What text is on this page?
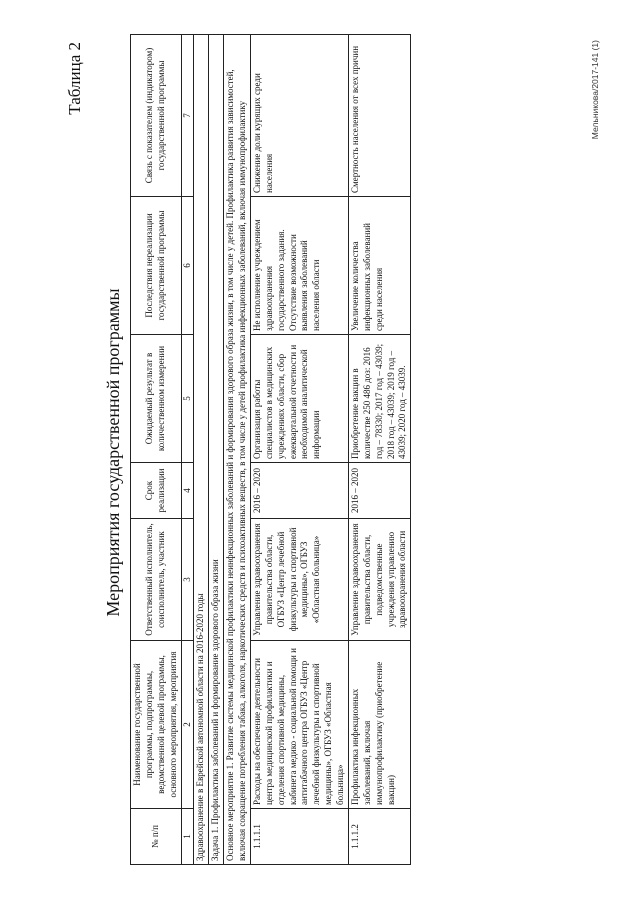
Таблица 2
Мероприятия государственной программы
№ п/п	Наименование государственной программы, подпрограммы, ведомственной целевой программы, основного мероприятия, мероприятия	Ответственный исполнитель, соисполнитель, участник	Срок реализации	Ожидаемый результат в количественном измерении	Последствия нереализации государственной программы	Связь с показателем (индикатором) государственной программы
1	2	3	4	5	6	7
Здравоохранение в Еврейской автономной области на 2016-2020 годы						
Задача 1. Профилактика заболеваний и формирование здорового образа жизни						
Основное мероприятие 1. Развитие системы медицинской профилактики неинфекционных заболеваний и формирования здорового образа жизни, в том числе у детей. Профилактика развития зависимостей, включая сокращение потребления табака, алкоголя, наркотических средств и психоактивных веществ, в том числе у детей профилактика инфекционных заболеваний, включая иммунопрофилактику						
1.1.1.1	Расходы на обеспечение деятельности центра медицинской профилактики и отделения спортивной медицины, кабинета медико - социальной помощи и антитабачного центра ОГБУЗ «Центр лечебной физкультуры и спортивной медицины», ОГБУЗ «Областная больница»	Управление здравоохранения правительства области, ОГБУЗ «Центр лечебной физкультуры и спортивной медицины», ОГБУЗ «Областная больница»	2016 – 2020	Организация работы специалистов в медицинских учреждениях области, сбор ежеквартальной отчетности и необходимой аналитической информации	Не исполнение учреждением здравоохранения государственного задания. Отсутствие возможности выявления заболеваний населения области	Снижение доли курящих среди населения
1.1.1.2	Профилактика инфекционных заболеваний, включая иммунопрофилактику (приобретение вакцин)	Управление здравоохранения правительства области, подведомственные учреждения управлению здравоохранения области	2016 – 2020	Приобретение вакцин в количестве 250 486 доз: 2016 год – 78330; 2017 год – 43039; 2018 год – 43039; 2019 год – 43039; 2020 год – 43039.	Увеличение количества инфекционных заболеваний среди населения	Смертность населения от всех причин	Мельникова/2017-141 (1)
